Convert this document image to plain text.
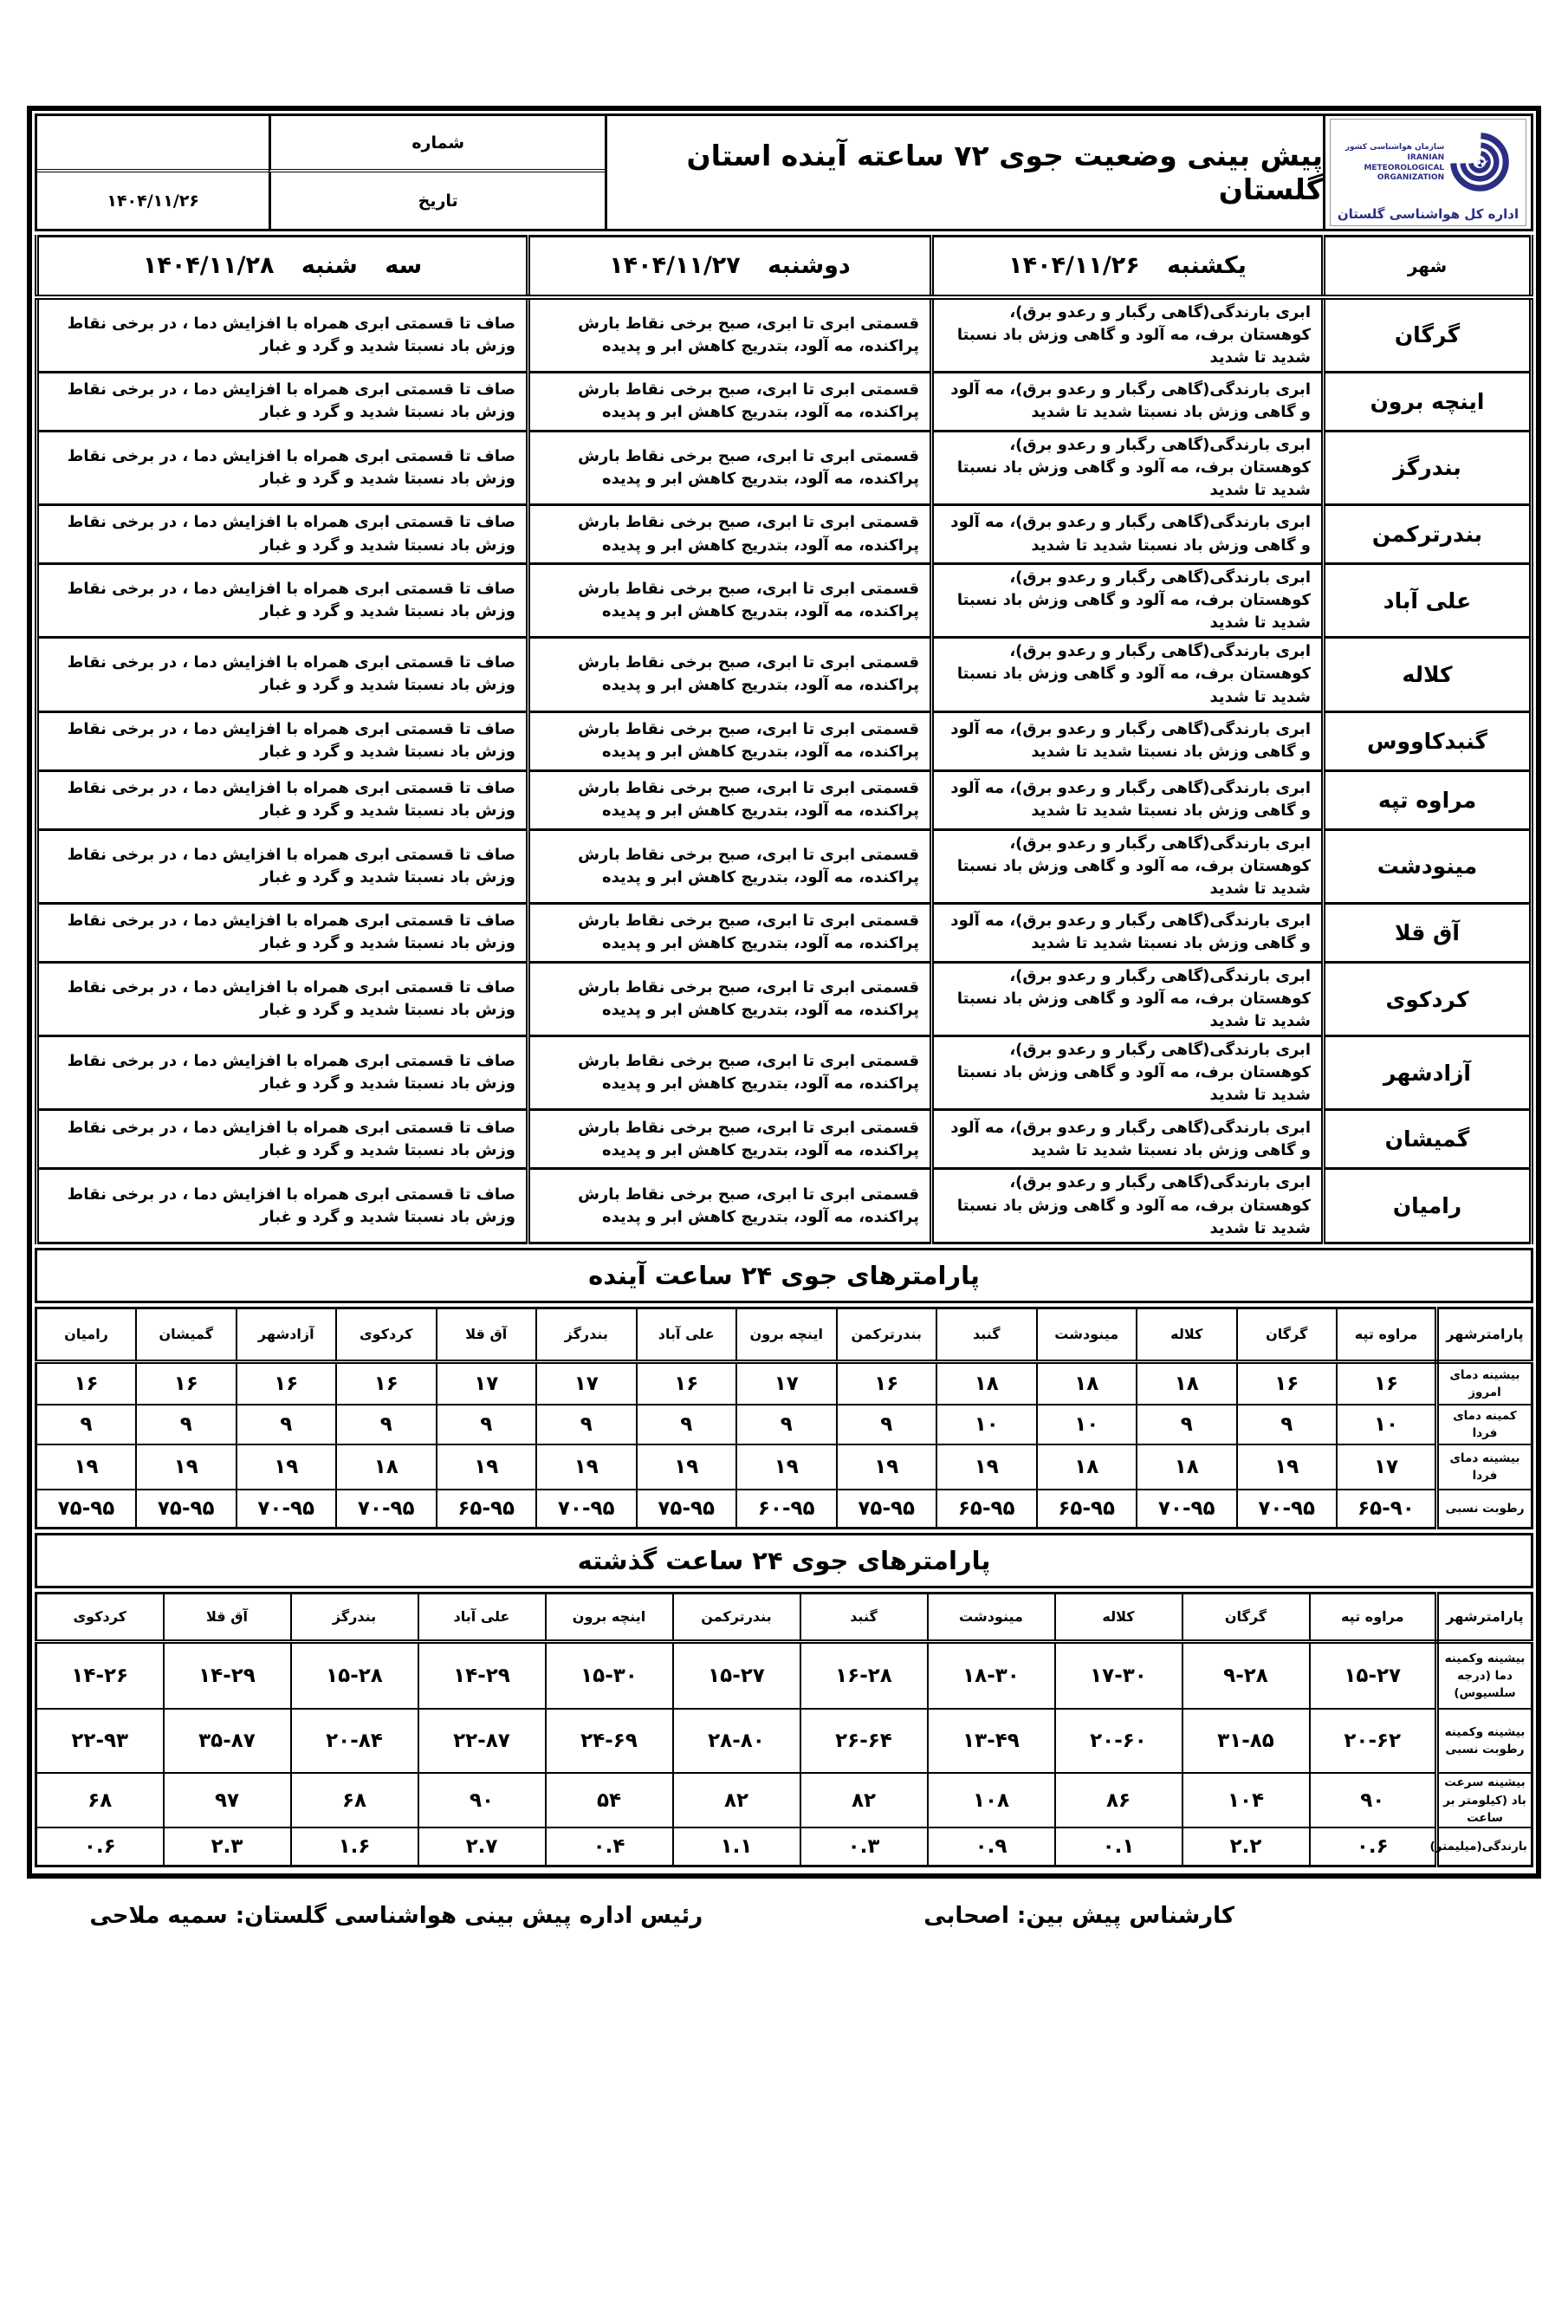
سازمان هواشناسی کشور
IRANIAN
METEOROLOGICAL
ORGANIZATION
اداره کل هواشناسی گلستان
پیش بینی وضعیت جوی ۷۲ ساعته آینده استان گلستان
شماره
تاریخ
۱۴۰۴/۱۱/۲۶
شهر	یکشنبه ۱۴۰۴/۱۱/۲۶	دوشنبه ۱۴۰۴/۱۱/۲۷	سه شنبه ۱۴۰۴/۱۱/۲۸
گرگان	ابری بارندگی(گاهی رگبار و رعدو برق)، کوهستان برف، مه آلود و گاهی وزش باد نسبتا شدید تا شدید	قسمتی ابری تا ابری، صبح برخی نقاط بارش پراکنده، مه آلود، بتدریج کاهش ابر و پدیده	صاف تا قسمتی ابری همراه با افزایش دما ، در برخی نقاط وزش باد نسبتا شدید و گرد و غبار
اینچه برون	ابری بارندگی(گاهی رگبار و رعدو برق)، مه آلود و گاهی وزش باد نسبتا شدید تا شدید	قسمتی ابری تا ابری، صبح برخی نقاط بارش پراکنده، مه آلود، بتدریج کاهش ابر و پدیده	صاف تا قسمتی ابری همراه با افزایش دما ، در برخی نقاط وزش باد نسبتا شدید و گرد و غبار
بندرگز	ابری بارندگی(گاهی رگبار و رعدو برق)، کوهستان برف، مه آلود و گاهی وزش باد نسبتا شدید تا شدید	قسمتی ابری تا ابری، صبح برخی نقاط بارش پراکنده، مه آلود، بتدریج کاهش ابر و پدیده	صاف تا قسمتی ابری همراه با افزایش دما ، در برخی نقاط وزش باد نسبتا شدید و گرد و غبار
بندرترکمن	ابری بارندگی(گاهی رگبار و رعدو برق)، مه آلود و گاهی وزش باد نسبتا شدید تا شدید	قسمتی ابری تا ابری، صبح برخی نقاط بارش پراکنده، مه آلود، بتدریج کاهش ابر و پدیده	صاف تا قسمتی ابری همراه با افزایش دما ، در برخی نقاط وزش باد نسبتا شدید و گرد و غبار
علی آباد	ابری بارندگی(گاهی رگبار و رعدو برق)، کوهستان برف، مه آلود و گاهی وزش باد نسبتا شدید تا شدید	قسمتی ابری تا ابری، صبح برخی نقاط بارش پراکنده، مه آلود، بتدریج کاهش ابر و پدیده	صاف تا قسمتی ابری همراه با افزایش دما ، در برخی نقاط وزش باد نسبتا شدید و گرد و غبار
کلاله	ابری بارندگی(گاهی رگبار و رعدو برق)، کوهستان برف، مه آلود و گاهی وزش باد نسبتا شدید تا شدید	قسمتی ابری تا ابری، صبح برخی نقاط بارش پراکنده، مه آلود، بتدریج کاهش ابر و پدیده	صاف تا قسمتی ابری همراه با افزایش دما ، در برخی نقاط وزش باد نسبتا شدید و گرد و غبار
گنبدکاووس	ابری بارندگی(گاهی رگبار و رعدو برق)، مه آلود و گاهی وزش باد نسبتا شدید تا شدید	قسمتی ابری تا ابری، صبح برخی نقاط بارش پراکنده، مه آلود، بتدریج کاهش ابر و پدیده	صاف تا قسمتی ابری همراه با افزایش دما ، در برخی نقاط وزش باد نسبتا شدید و گرد و غبار
مراوه تپه	ابری بارندگی(گاهی رگبار و رعدو برق)، مه آلود و گاهی وزش باد نسبتا شدید تا شدید	قسمتی ابری تا ابری، صبح برخی نقاط بارش پراکنده، مه آلود، بتدریج کاهش ابر و پدیده	صاف تا قسمتی ابری همراه با افزایش دما ، در برخی نقاط وزش باد نسبتا شدید و گرد و غبار
مینودشت	ابری بارندگی(گاهی رگبار و رعدو برق)، کوهستان برف، مه آلود و گاهی وزش باد نسبتا شدید تا شدید	قسمتی ابری تا ابری، صبح برخی نقاط بارش پراکنده، مه آلود، بتدریج کاهش ابر و پدیده	صاف تا قسمتی ابری همراه با افزایش دما ، در برخی نقاط وزش باد نسبتا شدید و گرد و غبار
آق قلا	ابری بارندگی(گاهی رگبار و رعدو برق)، مه آلود و گاهی وزش باد نسبتا شدید تا شدید	قسمتی ابری تا ابری، صبح برخی نقاط بارش پراکنده، مه آلود، بتدریج کاهش ابر و پدیده	صاف تا قسمتی ابری همراه با افزایش دما ، در برخی نقاط وزش باد نسبتا شدید و گرد و غبار
کردکوی	ابری بارندگی(گاهی رگبار و رعدو برق)، کوهستان برف، مه آلود و گاهی وزش باد نسبتا شدید تا شدید	قسمتی ابری تا ابری، صبح برخی نقاط بارش پراکنده، مه آلود، بتدریج کاهش ابر و پدیده	صاف تا قسمتی ابری همراه با افزایش دما ، در برخی نقاط وزش باد نسبتا شدید و گرد و غبار
آزادشهر	ابری بارندگی(گاهی رگبار و رعدو برق)، کوهستان برف، مه آلود و گاهی وزش باد نسبتا شدید تا شدید	قسمتی ابری تا ابری، صبح برخی نقاط بارش پراکنده، مه آلود، بتدریج کاهش ابر و پدیده	صاف تا قسمتی ابری همراه با افزایش دما ، در برخی نقاط وزش باد نسبتا شدید و گرد و غبار
گمیشان	ابری بارندگی(گاهی رگبار و رعدو برق)، مه آلود و گاهی وزش باد نسبتا شدید تا شدید	قسمتی ابری تا ابری، صبح برخی نقاط بارش پراکنده، مه آلود، بتدریج کاهش ابر و پدیده	صاف تا قسمتی ابری همراه با افزایش دما ، در برخی نقاط وزش باد نسبتا شدید و گرد و غبار
رامیان	ابری بارندگی(گاهی رگبار و رعدو برق)، کوهستان برف، مه آلود و گاهی وزش باد نسبتا شدید تا شدید	قسمتی ابری تا ابری، صبح برخی نقاط بارش پراکنده، مه آلود، بتدریج کاهش ابر و پدیده	صاف تا قسمتی ابری همراه با افزایش دما ، در برخی نقاط وزش باد نسبتا شدید و گرد و غبار
پارامترهای جوی ۲۴ ساعت آینده
پارامترشهر	مراوه تپه	گرگان	کلاله	مینودشت	گنبد	بندرترکمن	اینچه برون	علی آباد	بندرگز	آق قلا	کردکوی	آزادشهر	گمیشان	رامیان
بیشینه دمای امروز	۱۶	۱۶	۱۸	۱۸	۱۸	۱۶	۱۷	۱۶	۱۷	۱۷	۱۶	۱۶	۱۶	۱۶
کمینه دمای فردا	۱۰	۹	۹	۱۰	۱۰	۹	۹	۹	۹	۹	۹	۹	۹	۹
بیشینه دمای فردا	۱۷	۱۹	۱۸	۱۸	۱۹	۱۹	۱۹	۱۹	۱۹	۱۹	۱۸	۱۹	۱۹	۱۹
رطوبت نسبی	۶۵-۹۰	۷۰-۹۵	۷۰-۹۵	۶۵-۹۵	۶۵-۹۵	۷۵-۹۵	۶۰-۹۵	۷۵-۹۵	۷۰-۹۵	۶۵-۹۵	۷۰-۹۵	۷۰-۹۵	۷۵-۹۵	۷۵-۹۵
پارامترهای جوی ۲۴ ساعت گذشته
پارامترشهر	مراوه تپه	گرگان	کلاله	مینودشت	گنبد	بندرترکمن	اینچه برون	علی آباد	بندرگز	آق قلا	کردکوی
بیشینه وکمینه دما (درجه سلسیوس)	۱۵-۲۷	۹-۲۸	۱۷-۳۰	۱۸-۳۰	۱۶-۲۸	۱۵-۲۷	۱۵-۳۰	۱۴-۲۹	۱۵-۲۸	۱۴-۲۹	۱۴-۲۶
بیشینه وکمینه رطوبت نسبی	۲۰-۶۲	۳۱-۸۵	۲۰-۶۰	۱۳-۴۹	۲۶-۶۴	۲۸-۸۰	۲۴-۶۹	۲۲-۸۷	۲۰-۸۴	۳۵-۸۷	۲۲-۹۳
بیشینه سرعت باد (کیلومتر بر ساعت	۹۰	۱۰۴	۸۶	۱۰۸	۸۲	۸۲	۵۴	۹۰	۶۸	۹۷	۶۸
بارندگی(میلیمتر)	۰.۶	۲.۲	۰.۱	۰.۹	۰.۳	۱.۱	۰.۴	۲.۷	۱.۶	۲.۳	۰.۶
کارشناس پیش بین: اصحابی
رئیس اداره پیش بینی هواشناسی گلستان: سمیه ملاحی
